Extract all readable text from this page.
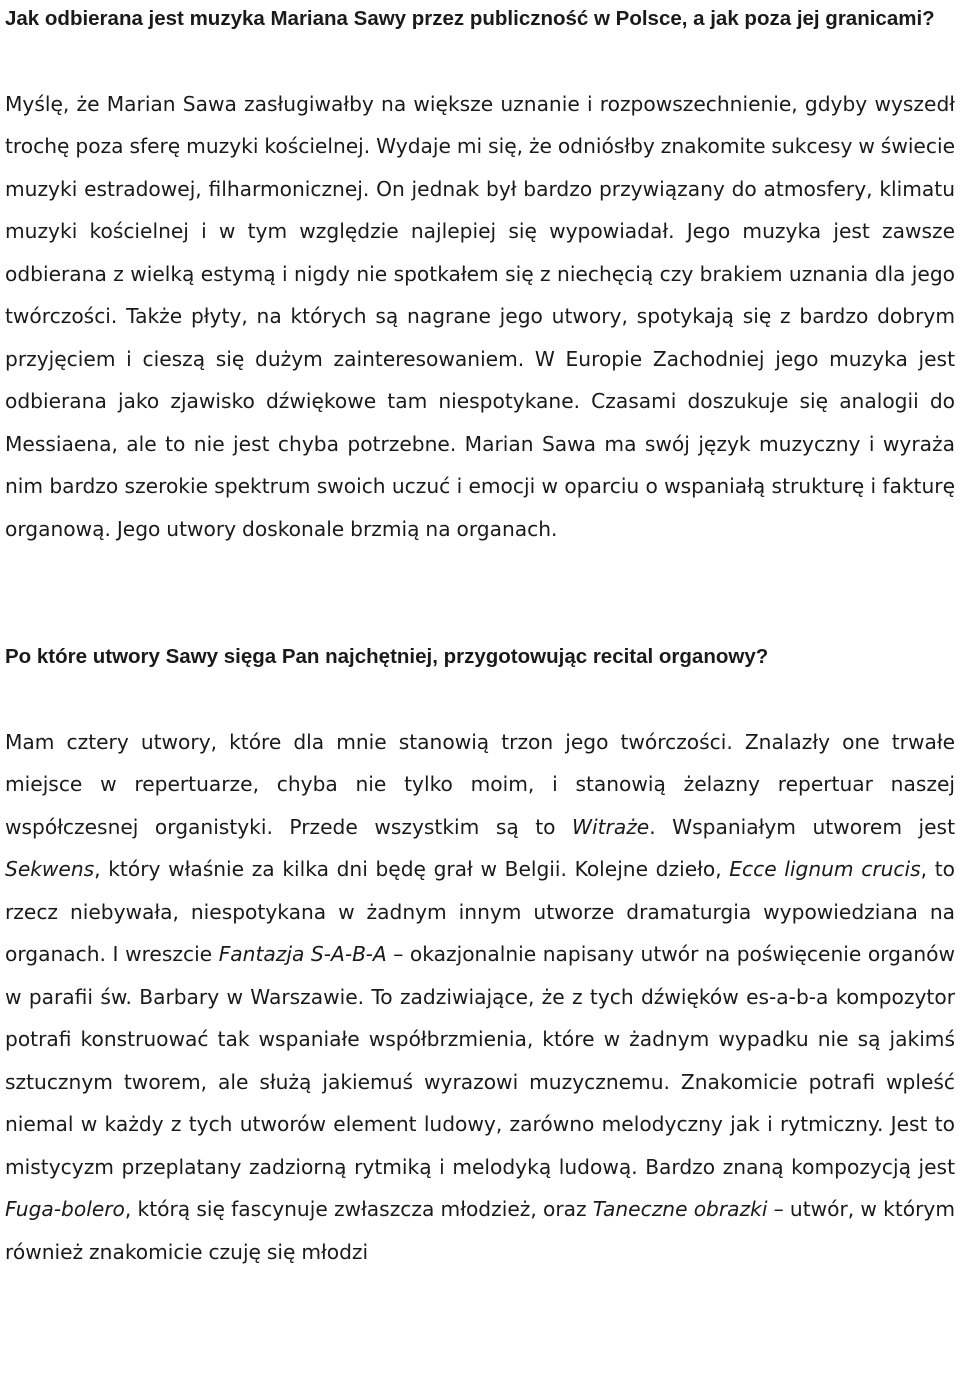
Jak odbierana jest muzyka Mariana Sawy przez publiczność w Polsce, a jak poza jej granicami?

Myślę, że Marian Sawa zasługiwałby na większe uznanie i rozpowszechnienie, gdyby wyszedł trochę poza sferę muzyki kościelnej. Wydaje mi się, że odniósłby znakomite sukcesy w świecie muzyki estradowej, filharmonicznej. On jednak był bardzo przywiązany do atmosfery, klimatu muzyki kościelnej i w tym względzie najlepiej się wypowiadał. Jego muzyka jest zawsze odbierana z wielką estymą i nigdy nie spotkałem się z niechęcią czy brakiem uznania dla jego twórczości. Także płyty, na których są nagrane jego utwory, spotykają się z bardzo dobrym przyjęciem i cieszą się dużym zainteresowaniem. W Europie Zachodniej jego muzyka jest odbierana jako zjawisko dźwiękowe tam niespotykane. Czasami doszukuje się analogii do Messiaena, ale to nie jest chyba potrzebne. Marian Sawa ma swój język muzyczny i wyraża nim bardzo szerokie spektrum swoich uczuć i emocji w oparciu o wspaniałą strukturę i fakturę organową. Jego utwory doskonale brzmią na organach.

Po które utwory Sawy sięga Pan najchętniej, przygotowując recital organowy?

Mam cztery utwory, które dla mnie stanowią trzon jego twórczości. Znalazły one trwałe miejsce w repertuarze, chyba nie tylko moim, i stanowią żelazny repertuar naszej współczesnej organistyki. Przede wszystkim są to Witraże. Wspaniałym utworem jest Sekwens, który właśnie za kilka dni będę grał w Belgii. Kolejne dzieło, Ecce lignum crucis, to rzecz niebywała, niespotykana w żadnym innym utworze dramaturgia wypowiedziana na organach. I wreszcie Fantazja S-A-B-A – okazjonalnie napisany utwór na poświęcenie organów w parafii św. Barbary w Warszawie. To zadziwiające, że z tych dźwięków es-a-b-a kompozytor potrafi konstruować tak wspaniałe współbrzmienia, które w żadnym wypadku nie są jakimś sztucznym tworem, ale służą jakiemuś wyrazowi muzycznemu. Znakomicie potrafi wpleść niemal w każdy z tych utworów element ludowy, zarówno melodyczny jak i rytmiczny. Jest to mistycyzm przeplatany zadziorną rytmiką i melodyką ludową. Bardzo znaną kompozycją jest Fuga-bolero, którą się fascynuje zwłaszcza młodzież, oraz Taneczne obrazki – utwór, w którym również znakomicie czuję się młodzi
